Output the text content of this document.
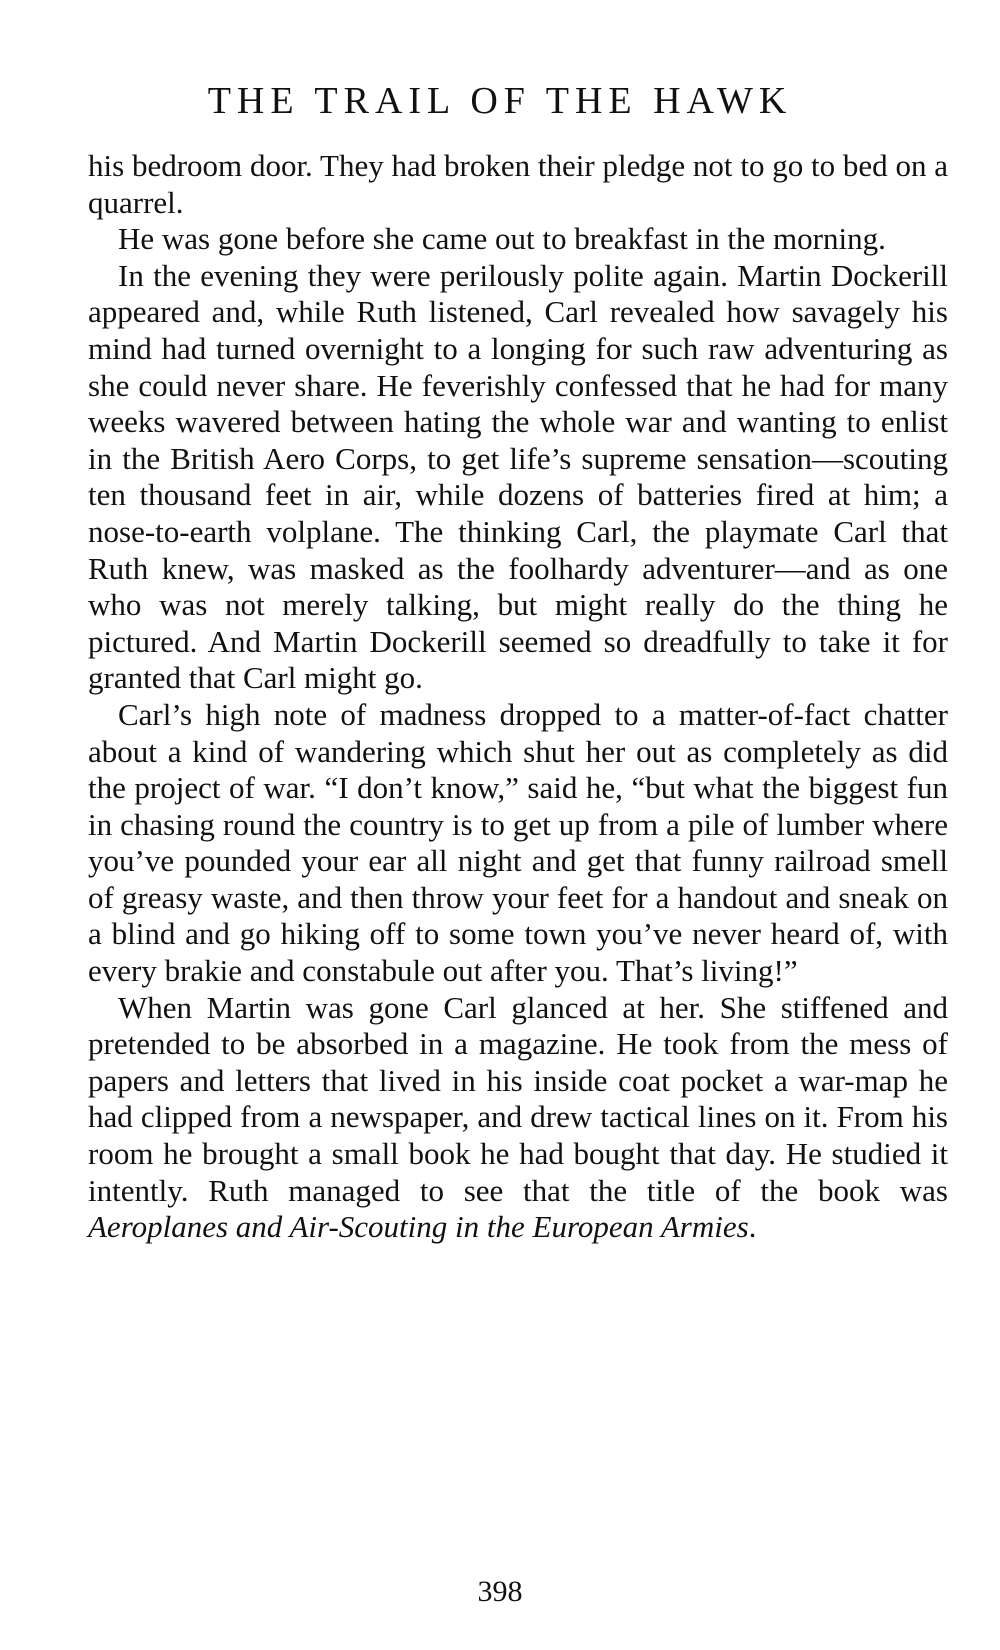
THE TRAIL OF THE HAWK

his bedroom door. They had broken their pledge not to go to bed on a quarrel.

He was gone before she came out to breakfast in the morning.

In the evening they were perilously polite again. Martin Dockerill appeared and, while Ruth listened, Carl revealed how savagely his mind had turned overnight to a longing for such raw adventuring as she could never share. He feverishly confessed that he had for many weeks wavered between hating the whole war and wanting to enlist in the British Aero Corps, to get life’s supreme sensation—scouting ten thousand feet in air, while dozens of batteries fired at him; a nose-to-earth volplane. The thinking Carl, the playmate Carl that Ruth knew, was masked as the foolhardy adventurer—and as one who was not merely talking, but might really do the thing he pictured. And Martin Dockerill seemed so dreadfully to take it for granted that Carl might go.

Carl’s high note of madness dropped to a matter-of-fact chatter about a kind of wandering which shut her out as completely as did the project of war. “I don’t know,” said he, “but what the biggest fun in chasing round the country is to get up from a pile of lumber where you’ve pounded your ear all night and get that funny railroad smell of greasy waste, and then throw your feet for a handout and sneak on a blind and go hiking off to some town you’ve never heard of, with every brakie and constabule out after you. That’s living!”

When Martin was gone Carl glanced at her. She stiffened and pretended to be absorbed in a magazine. He took from the mess of papers and letters that lived in his inside coat pocket a war-map he had clipped from a newspaper, and drew tactical lines on it. From his room he brought a small book he had bought that day. He studied it intently. Ruth managed to see that the title of the book was Aeroplanes and Air-Scouting in the European Armies.

398
